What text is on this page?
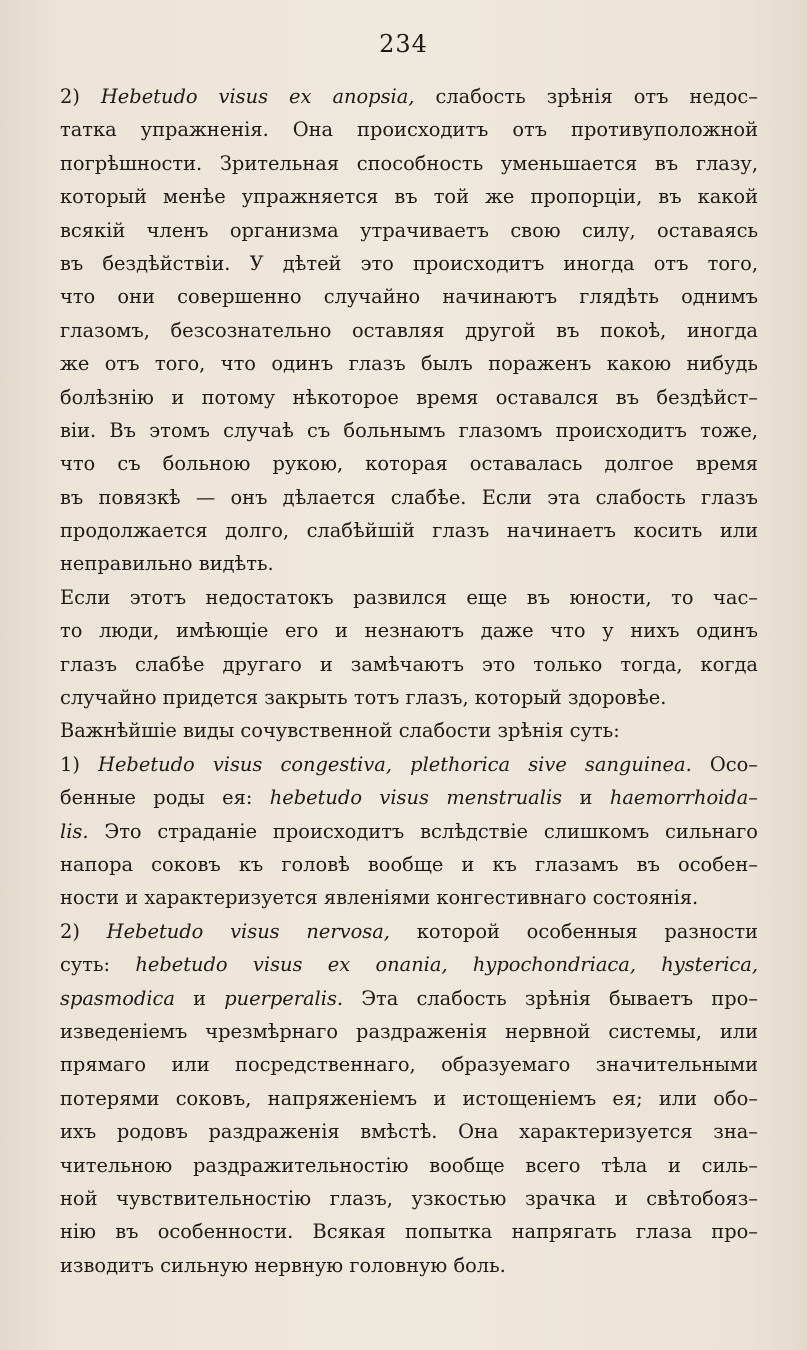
234
2) Hebetudo visus ex anopsia, слабость зрѣнія отъ недос–
татка упражненія. Она происходитъ отъ противуположной
погрѣшности. Зрительная способность уменьшается въ глазу,
который менѣе упражняется въ той же пропорціи, въ какой
всякій членъ организма утрачиваетъ свою силу, оставаясь
въ бездѣйствіи. У дѣтей это происходитъ иногда отъ того,
что они совершенно случайно начинаютъ глядѣть однимъ
глазомъ, безсознательно оставляя другой въ покоѣ, иногда
же отъ того, что одинъ глазъ былъ пораженъ какою нибудь
болѣзнію и потому нѣкоторое время оставался въ бездѣйст–
віи. Въ этомъ случаѣ съ больнымъ глазомъ происходитъ тоже,
что съ больною рукою, которая оставалась долгое время
въ повязкѣ — онъ дѣлается слабѣе. Если эта слабость глазъ
продолжается долго, слабѣйшій глазъ начинаетъ косить или
неправильно видѣть.
Если этотъ недостатокъ развился еще въ юности, то час–
то люди, имѣющіе его и незнаютъ даже что у нихъ одинъ
глазъ слабѣе другаго и замѣчаютъ это только тогда, когда
случайно придется закрыть тотъ глазъ, который здоровѣе.
Важнѣйшіе виды сочувственной слабости зрѣнія суть:
1) Hebetudo visus congestiva, plethorica sive sanguinea. Осо–
бенные роды ея: hebetudo visus menstrualis и haemorrhoida–
lis. Это страданіе происходитъ вслѣдствіе слишкомъ сильнаго
напора соковъ къ головѣ вообще и къ глазамъ въ особен–
ности и характеризуется явленіями конгестивнаго состоянія.
2) Hebetudo visus nervosa, которой особенныя разности
суть: hebetudo visus ex onania, hypochondriaca, hysterica,
spasmodica и puerperalis. Эта слабость зрѣнія бываетъ про–
изведеніемъ чрезмѣрнаго раздраженія нервной системы, или
прямаго или посредственнаго, образуемаго значительными
потерями соковъ, напряженіемъ и истощеніемъ ея; или обо–
ихъ родовъ раздраженія вмѣстѣ. Она характеризуется зна–
чительною раздражительностію вообще всего тѣла и силь–
ной чувствительностію глазъ, узкостью зрачка и свѣтобояз–
нію въ особенности. Всякая попытка напрягать глаза про–
изводитъ сильную нервную головную боль.
